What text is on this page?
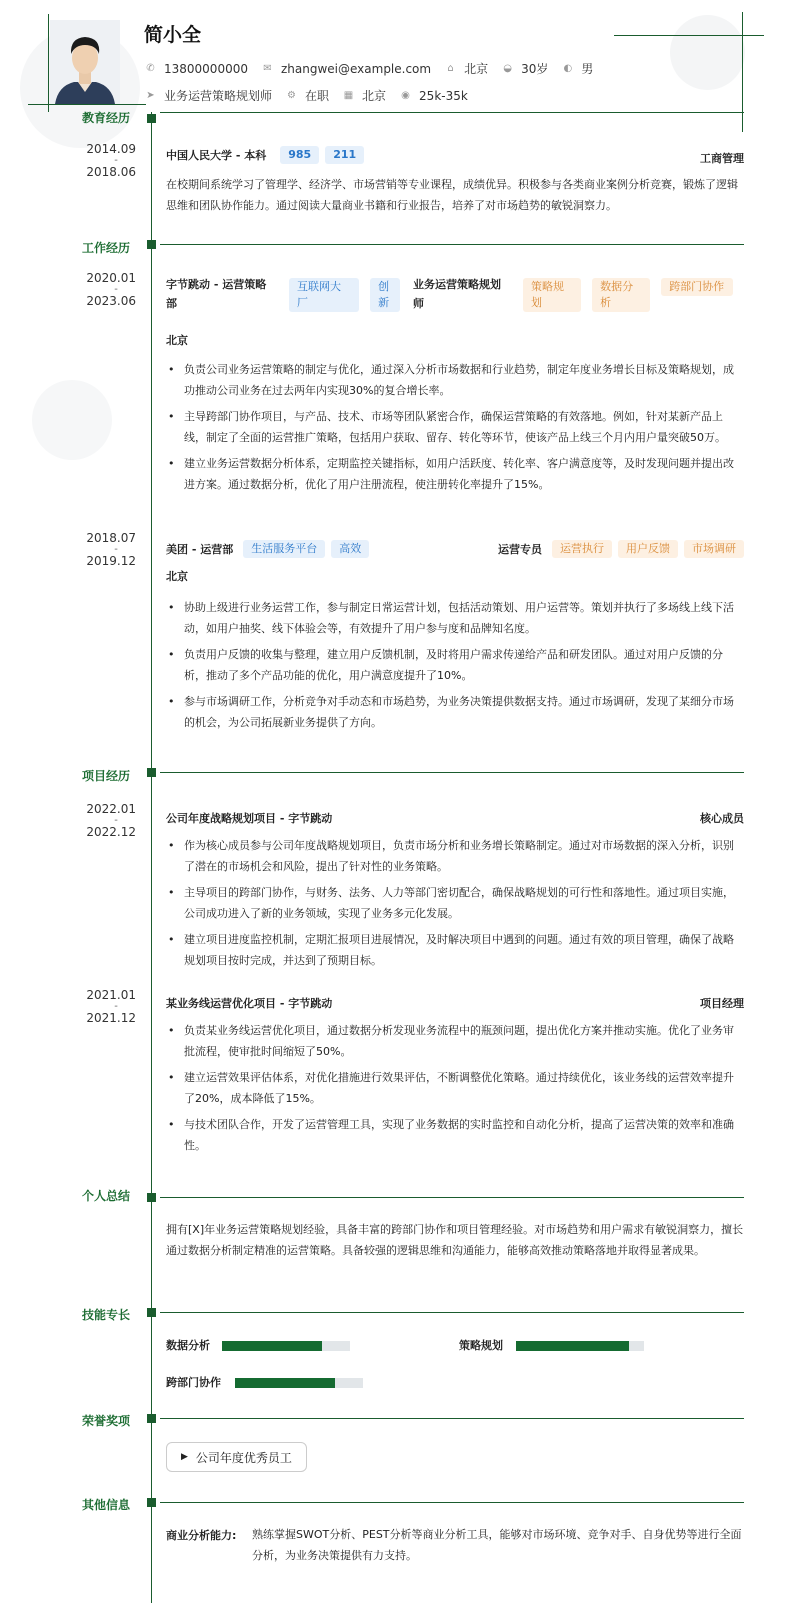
简小全
✆ 13800000000 ✉ zhangwei@example.com ⌂ 北京 ◒ 30岁 ◐ 男
➤ 业务运营策略规划师 ⚙ 在职 ▦ 北京 ◉ 25k-35k
教育经历
2014.09
-
2018.06
中国人民大学 - 本科	985	211	工商管理
在校期间系统学习了管理学、经济学、市场营销等专业课程，成绩优异。积极参与各类商业案例分析竞赛，锻炼了逻辑思维和团队协作能力。通过阅读大量商业书籍和行业报告，培养了对市场趋势的敏锐洞察力。
工作经历
2020.01
-
2023.06
字节跳动 - 运营策略部
互联网大厂 创新
业务运营策略规划师
策略规划 数据分析 跨部门协作
北京
• 负责公司业务运营策略的制定与优化，通过深入分析市场数据和行业趋势，制定年度业务增长目标及策略规划，成功推动公司业务在过去两年内实现30%的复合增长率。
• 主导跨部门协作项目，与产品、技术、市场等团队紧密合作，确保运营策略的有效落地。例如，针对某新产品上线，制定了全面的运营推广策略，包括用户获取、留存、转化等环节，使该产品上线三个月内用户量突破50万。
• 建立业务运营数据分析体系，定期监控关键指标，如用户活跃度、转化率、客户满意度等，及时发现问题并提出改进方案。通过数据分析，优化了用户注册流程，使注册转化率提升了15%。
2018.07
-
2019.12
美团 - 运营部	生活服务平台	高效	运营专员	运营执行	用户反馈	市场调研
北京
• 协助上级进行业务运营工作，参与制定日常运营计划，包括活动策划、用户运营等。策划并执行了多场线上线下活动，如用户抽奖、线下体验会等，有效提升了用户参与度和品牌知名度。
• 负责用户反馈的收集与整理，建立用户反馈机制，及时将用户需求传递给产品和研发团队。通过对用户反馈的分析，推动了多个产品功能的优化，用户满意度提升了10%。
• 参与市场调研工作，分析竞争对手动态和市场趋势，为业务决策提供数据支持。通过市场调研，发现了某细分市场的机会，为公司拓展新业务提供了方向。
项目经历
2022.01
-
2022.12
公司年度战略规划项目 - 字节跳动	核心成员
• 作为核心成员参与公司年度战略规划项目，负责市场分析和业务增长策略制定。通过对市场数据的深入分析，识别了潜在的市场机会和风险，提出了针对性的业务策略。
• 主导项目的跨部门协作，与财务、法务、人力等部门密切配合，确保战略规划的可行性和落地性。通过项目实施，公司成功进入了新的业务领域，实现了业务多元化发展。
• 建立项目进度监控机制，定期汇报项目进展情况，及时解决项目中遇到的问题。通过有效的项目管理，确保了战略规划项目按时完成，并达到了预期目标。
2021.01
-
2021.12
某业务线运营优化项目 - 字节跳动	项目经理
• 负责某业务线运营优化项目，通过数据分析发现业务流程中的瓶颈问题，提出优化方案并推动实施。优化了业务审批流程，使审批时间缩短了50%。
• 建立运营效果评估体系，对优化措施进行效果评估，不断调整优化策略。通过持续优化，该业务线的运营效率提升了20%，成本降低了15%。
• 与技术团队合作，开发了运营管理工具，实现了业务数据的实时监控和自动化分析，提高了运营决策的效率和准确性。
个人总结
拥有[X]年业务运营策略规划经验，具备丰富的跨部门协作和项目管理经验。对市场趋势和用户需求有敏锐洞察力，擅长通过数据分析制定精准的运营策略。具备较强的逻辑思维和沟通能力，能够高效推动策略落地并取得显著成果。
技能专长
数据分析	策略规划
跨部门协作
荣誉奖项
▶ 公司年度优秀员工
其他信息
商业分析能力: 熟练掌握SWOT分析、PEST分析等商业分析工具，能够对市场环境、竞争对手、自身优势等进行全面分析，为业务决策提供有力支持。
